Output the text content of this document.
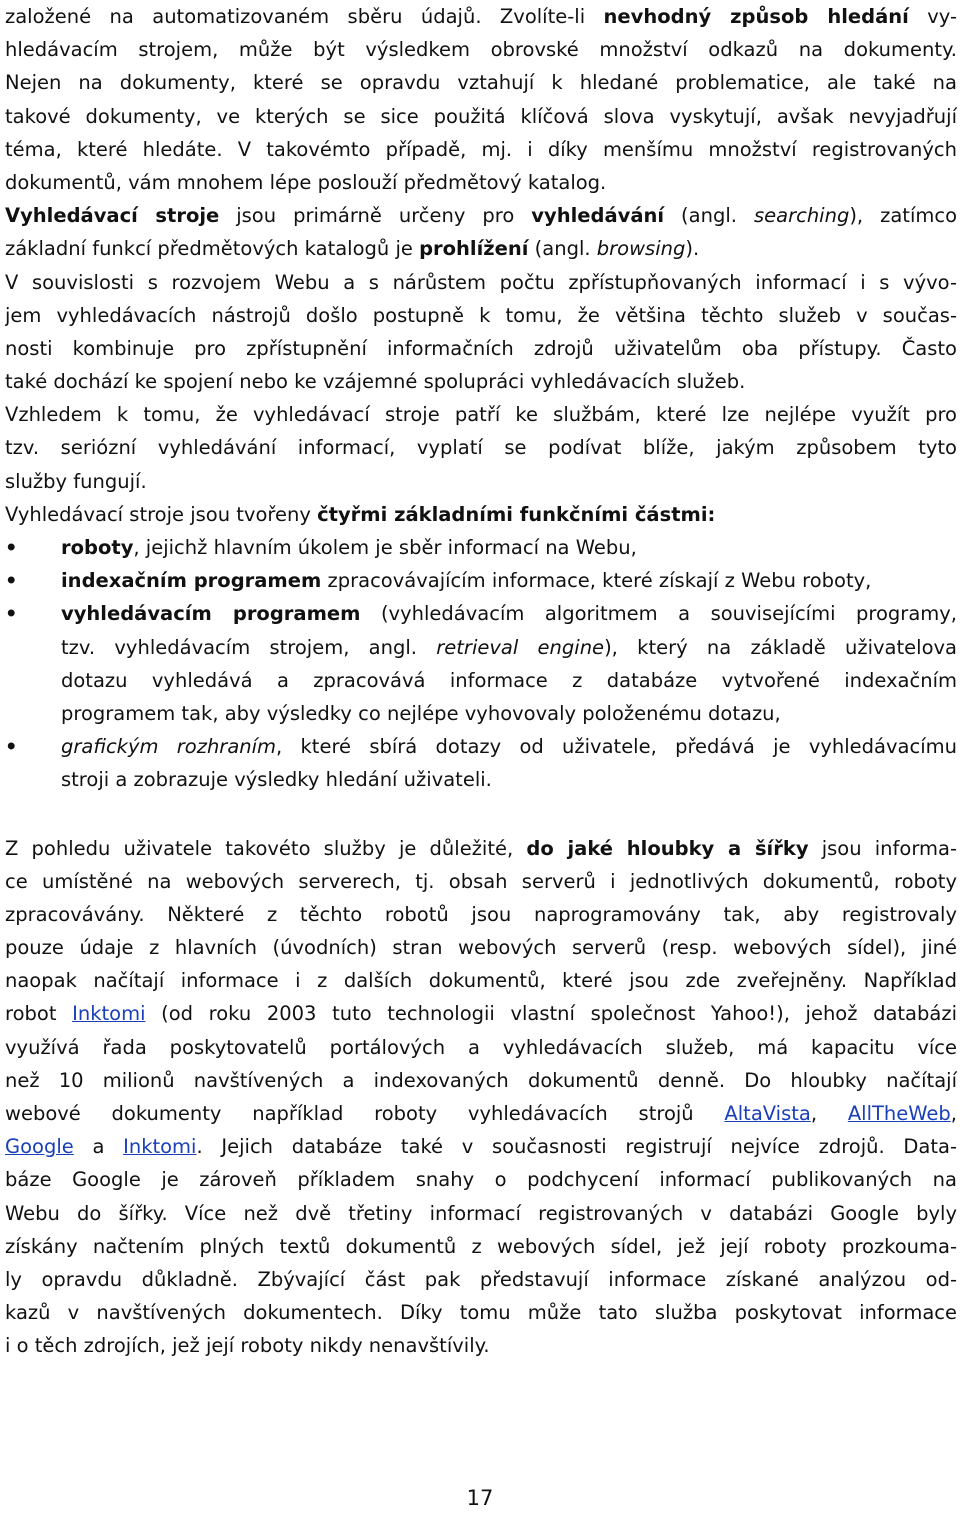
založené na automatizovaném sběru údajů. Zvolíte-li nevhodný způsob hledání vy-
hledávacím strojem, může být výsledkem obrovské množství odkazů na dokumenty.
Nejen na dokumenty, které se opravdu vztahují k hledané problematice, ale také na
takové dokumenty, ve kterých se sice použitá klíčová slova vyskytují, avšak nevyjadřují
téma, které hledáte. V takovémto případě, mj. i díky menšímu množství registrovaných
dokumentů, vám mnohem lépe poslouží předmětový katalog.
Vyhledávací stroje jsou primárně určeny pro vyhledávání (angl. searching), zatímco
základní funkcí předmětových katalogů je prohlížení (angl. browsing).
V souvislosti s rozvojem Webu a s nárůstem počtu zpřístupňovaných informací i s vývo-
jem vyhledávacích nástrojů došlo postupně k tomu, že většina těchto služeb v součas-
nosti kombinuje pro zpřístupnění informačních zdrojů uživatelům oba přístupy. Často
také dochází ke spojení nebo ke vzájemné spolupráci vyhledávacích služeb.
Vzhledem k tomu, že vyhledávací stroje patří ke službám, které lze nejlépe využít pro
tzv. seriózní vyhledávání informací, vyplatí se podívat blíže, jakým způsobem tyto
služby fungují.
Vyhledávací stroje jsou tvořeny čtyřmi základními funkčními částmi:
• roboty, jejichž hlavním úkolem je sběr informací na Webu,
• indexačním programem zpracovávajícím informace, které získají z Webu roboty,
• vyhledávacím programem (vyhledávacím algoritmem a souvisejícími programy,
tzv. vyhledávacím strojem, angl. retrieval engine), který na základě uživatelova
dotazu vyhledává a zpracovává informace z databáze vytvořené indexačním
programem tak, aby výsledky co nejlépe vyhovovaly položenému dotazu,
• grafickým rozhraním, které sbírá dotazy od uživatele, předává je vyhledávacímu
stroji a zobrazuje výsledky hledání uživateli.
Z pohledu uživatele takovéto služby je důležité, do jaké hloubky a šířky jsou informa-
ce umístěné na webových serverech, tj. obsah serverů i jednotlivých dokumentů, roboty
zpracovávány. Některé z těchto robotů jsou naprogramovány tak, aby registrovaly
pouze údaje z hlavních (úvodních) stran webových serverů (resp. webových sídel), jiné
naopak načítají informace i z dalších dokumentů, které jsou zde zveřejněny. Například
robot Inktomi (od roku 2003 tuto technologii vlastní společnost Yahoo!), jehož databázi
využívá řada poskytovatelů portálových a vyhledávacích služeb, má kapacitu více
než 10 milionů navštívených a indexovaných dokumentů denně. Do hloubky načítají
webové dokumenty například roboty vyhledávacích strojů AltaVista, AllTheWeb,
Google a Inktomi. Jejich databáze také v současnosti registrují nejvíce zdrojů. Data-
báze Google je zároveň příkladem snahy o podchycení informací publikovaných na
Webu do šířky. Více než dvě třetiny informací registrovaných v databázi Google byly
získány načtením plných textů dokumentů z webových sídel, jež její roboty prozkouma-
ly opravdu důkladně. Zbývající část pak představují informace získané analýzou od-
kazů v navštívených dokumentech. Díky tomu může tato služba poskytovat informace
i o těch zdrojích, jež její roboty nikdy nenavštívily.
17
